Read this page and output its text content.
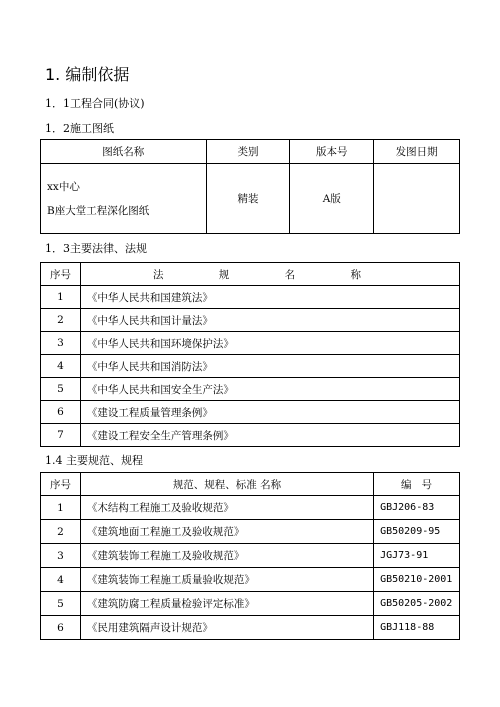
1. 编制依据

1．1工程合同(协议)

1．2施工图纸

图纸名称	类别	版本号	发图日期

xx中心
B座大堂工程深化图纸	精装	A版	

1．3主要法律、法规

序号	法 规 名 称
1	《中华人民共和国建筑法》
2	《中华人民共和国计量法》
3	《中华人民共和国环境保护法》
4	《中华人民共和国消防法》
5	《中华人民共和国安全生产法》
6	《建设工程质量管理条例》
7	《建设工程安全生产管理条例》

1.4 主要规范、规程

序号	规范、规程、标准 名称	编   号
1	《木结构工程施工及验收规范》	GBJ206-83
2	《建筑地面工程施工及验收规范》	GB50209-95
3	《建筑装饰工程施工及验收规范》	JGJ73-91
4	《建筑装饰工程施工质量验收规范》	GB50210-2001
5	《建筑防腐工程质量检验评定标准》	GB50205-2002
6	《民用建筑隔声设计规范》	GBJ118-88
